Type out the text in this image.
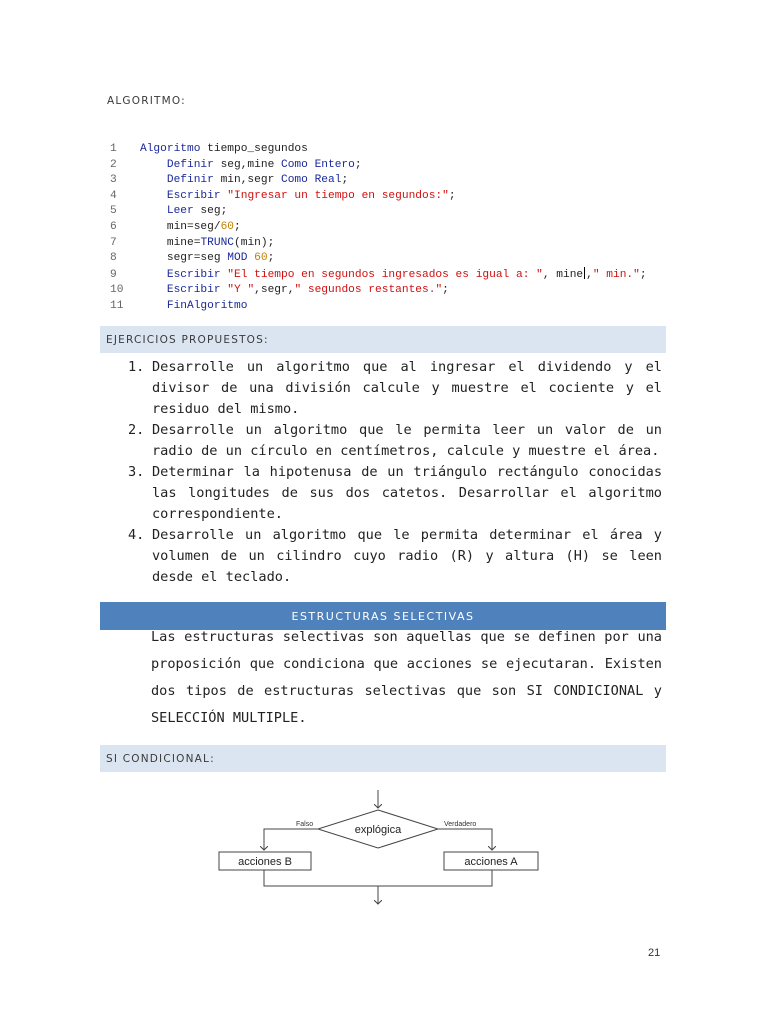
ALGORITMO:
1 Algoritmo tiempo_segundos
2    Definir seg,mine Como Entero;
3    Definir min,segr Como Real;
4    Escribir "Ingresar un tiempo en segundos:";
5    Leer seg;
6    min=seg/60;
7    mine=TRUNC(min);
8    segr=seg MOD 60;
9    Escribir "El tiempo en segundos ingresados es igual a: ", mine ," min.";
10    Escribir "Y ",segr," segundos restantes.";
11    FinAlgoritmo
EJERCICIOS PROPUESTOS:
1. Desarrolle un algoritmo que al ingresar el dividendo y el divisor de una división calcule y muestre el cociente y el residuo del mismo.
2. Desarrolle un algoritmo que le permita leer un valor de un radio de un círculo en centímetros, calcule y muestre el área.
3. Determinar la hipotenusa de un triángulo rectángulo conocidas las longitudes de sus dos catetos. Desarrollar el algoritmo correspondiente.
4. Desarrolle un algoritmo que le permita determinar el área y volumen de un cilindro cuyo radio (R) y altura (H) se leen desde el teclado.
ESTRUCTURAS SELECTIVAS
Las estructuras selectivas son aquellas que se definen por una proposición que condiciona que acciones se ejecutaran. Existen dos tipos de estructuras selectivas que son SI CONDICIONAL y SELECCIÓN MULTIPLE.
SI CONDICIONAL:
explógica
Falso	Verdadero
acciones B	acciones A
21
